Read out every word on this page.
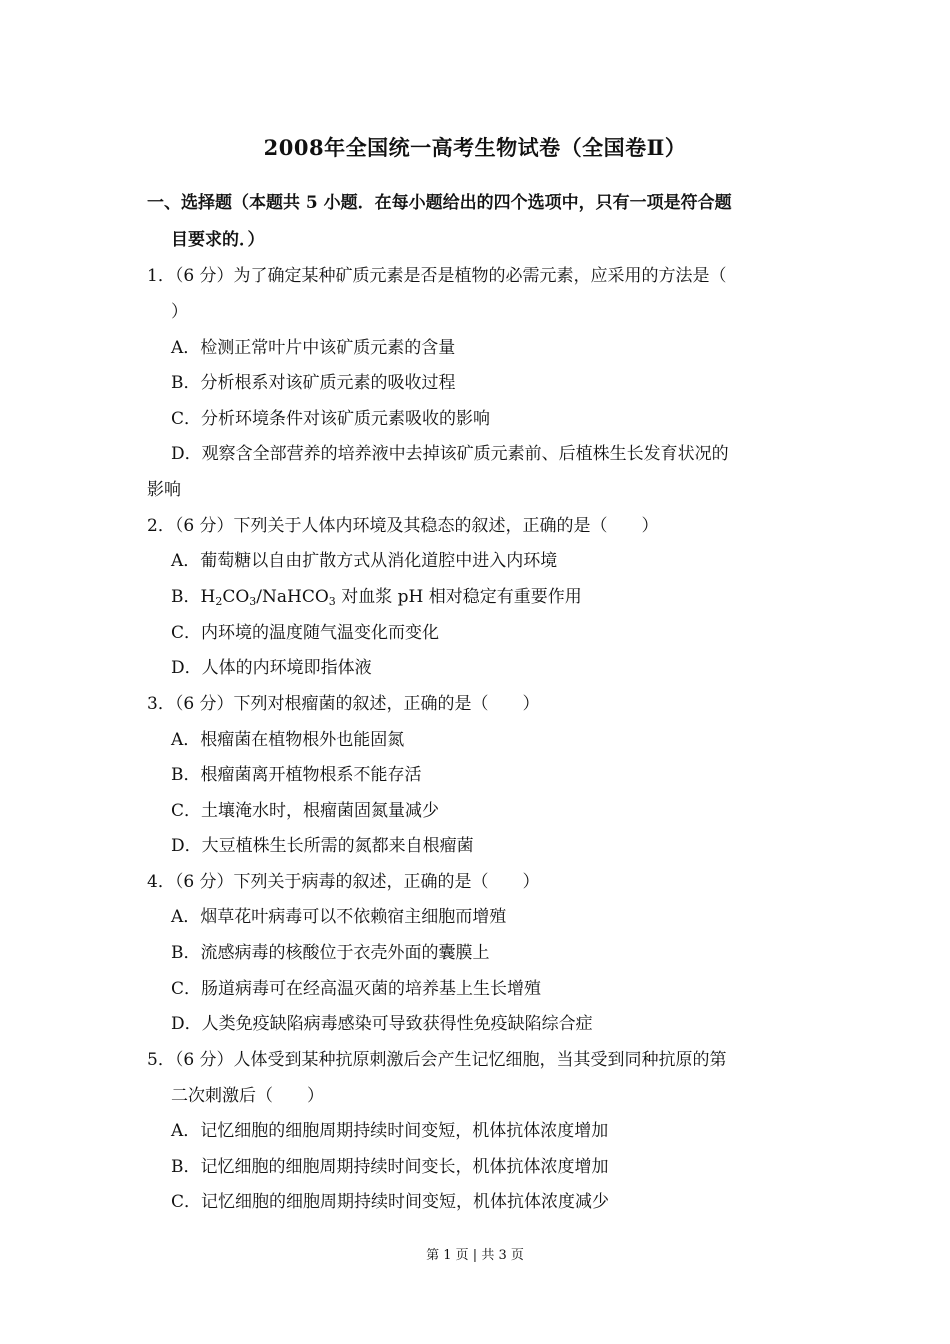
2008年全国统一高考生物试卷（全国卷Ⅱ）
一、选择题（本题共 5 小题．在每小题给出的四个选项中，只有一项是符合题
目要求的．）
1．（6 分）为了确定某种矿质元素是否是植物的必需元素，应采用的方法是（
）
A．检测正常叶片中该矿质元素的含量
B．分析根系对该矿质元素的吸收过程
C．分析环境条件对该矿质元素吸收的影响
D．观察含全部营养的培养液中去掉该矿质元素前、后植株生长发育状况的
影响
2．（6 分）下列关于人体内环境及其稳态的叙述，正确的是（　　）
A．葡萄糖以自由扩散方式从消化道腔中进入内环境
B．$H_2CO_3/NaHCO_3$ 对血浆 pH 相对稳定有重要作用
C．内环境的温度随气温变化而变化
D．人体的内环境即指体液
3．（6 分）下列对根瘤菌的叙述，正确的是（　　）
A．根瘤菌在植物根外也能固氮
B．根瘤菌离开植物根系不能存活
C．土壤淹水时，根瘤菌固氮量减少
D．大豆植株生长所需的氮都来自根瘤菌
4．（6 分）下列关于病毒的叙述，正确的是（　　）
A．烟草花叶病毒可以不依赖宿主细胞而增殖
B．流感病毒的核酸位于衣壳外面的囊膜上
C．肠道病毒可在经高温灭菌的培养基上生长增殖
D．人类免疫缺陷病毒感染可导致获得性免疫缺陷综合症
5．（6 分）人体受到某种抗原刺激后会产生记忆细胞，当其受到同种抗原的第
二次刺激后（　　）
A．记忆细胞的细胞周期持续时间变短，机体抗体浓度增加
B．记忆细胞的细胞周期持续时间变长，机体抗体浓度增加
C．记忆细胞的细胞周期持续时间变短，机体抗体浓度减少
第 1 页 | 共 3 页
